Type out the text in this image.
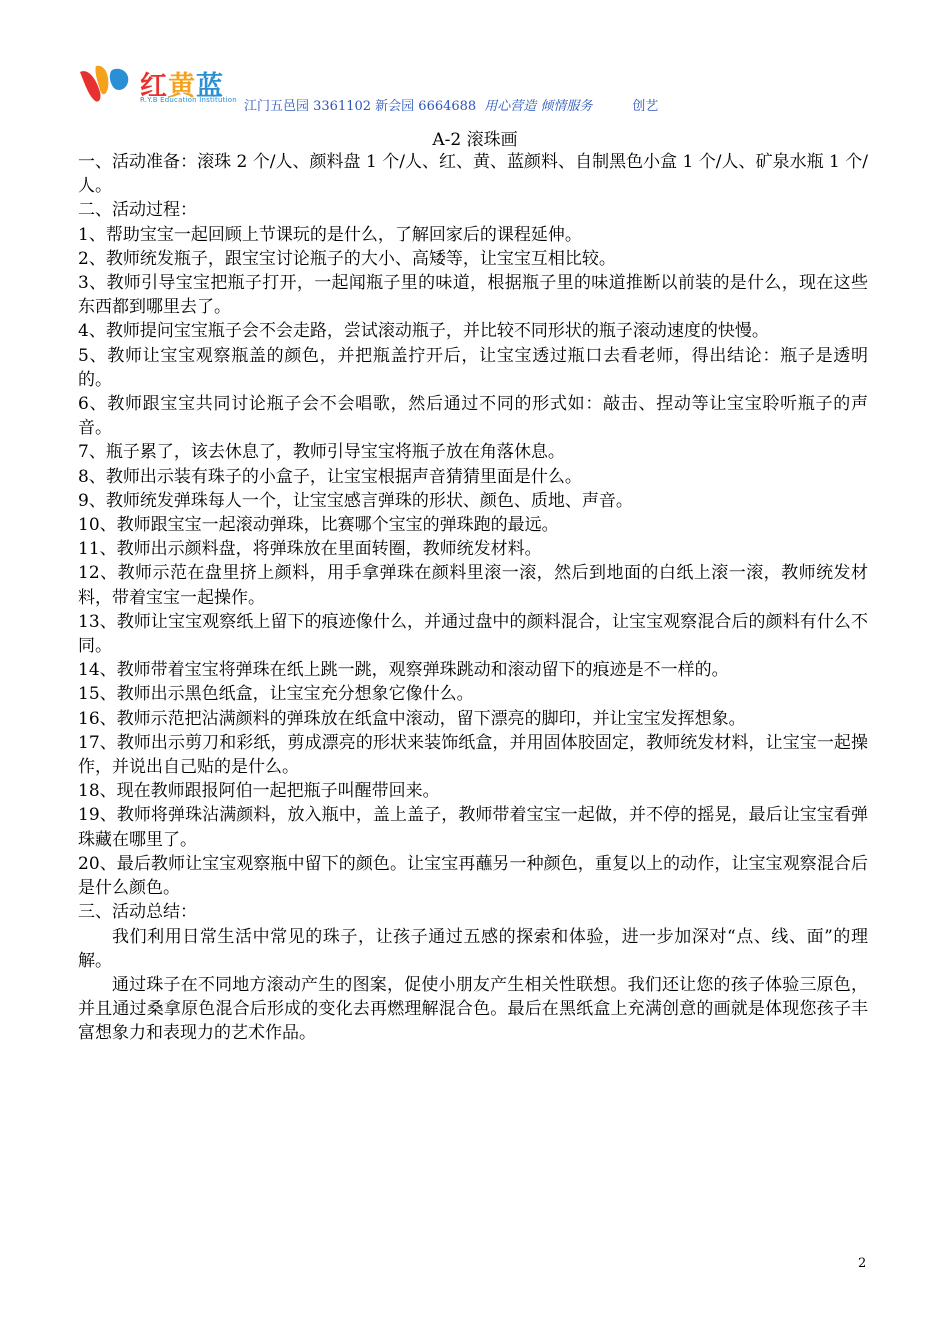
红黄蓝
R.Y.B Education Institution 江门五邑园 3361102 新会园 6664688 用心营造 倾情服务	创艺
A-2 滚珠画

一、活动准备：滚珠 2 个/人、颜料盘 1 个/人、红、黄、蓝颜料、自制黑色小盒 1 个/人、矿泉水瓶 1 个/人。

二、活动过程：

1、帮助宝宝一起回顾上节课玩的是什么，了解回家后的课程延伸。

2、教师统发瓶子，跟宝宝讨论瓶子的大小、高矮等，让宝宝互相比较。

3、教师引导宝宝把瓶子打开，一起闻瓶子里的味道，根据瓶子里的味道推断以前装的是什么，现在这些东西都到哪里去了。

4、教师提问宝宝瓶子会不会走路，尝试滚动瓶子，并比较不同形状的瓶子滚动速度的快慢。

5、教师让宝宝观察瓶盖的颜色，并把瓶盖拧开后，让宝宝透过瓶口去看老师，得出结论：瓶子是透明的。

6、教师跟宝宝共同讨论瓶子会不会唱歌，然后通过不同的形式如：敲击、捏动等让宝宝聆听瓶子的声音。

7、瓶子累了，该去休息了，教师引导宝宝将瓶子放在角落休息。

8、教师出示装有珠子的小盒子，让宝宝根据声音猜猜里面是什么。

9、教师统发弹珠每人一个，让宝宝感言弹珠的形状、颜色、质地、声音。

10、教师跟宝宝一起滚动弹珠，比赛哪个宝宝的弹珠跑的最远。

11、教师出示颜料盘，将弹珠放在里面转圈，教师统发材料。

12、教师示范在盘里挤上颜料，用手拿弹珠在颜料里滚一滚，然后到地面的白纸上滚一滚，教师统发材料，带着宝宝一起操作。

13、教师让宝宝观察纸上留下的痕迹像什么，并通过盘中的颜料混合，让宝宝观察混合后的颜料有什么不同。

14、教师带着宝宝将弹珠在纸上跳一跳，观察弹珠跳动和滚动留下的痕迹是不一样的。

15、教师出示黑色纸盒，让宝宝充分想象它像什么。

16、教师示范把沾满颜料的弹珠放在纸盒中滚动，留下漂亮的脚印，并让宝宝发挥想象。

17、教师出示剪刀和彩纸，剪成漂亮的形状来装饰纸盒，并用固体胶固定，教师统发材料，让宝宝一起操作，并说出自己贴的是什么。

18、现在教师跟报阿伯一起把瓶子叫醒带回来。

19、教师将弹珠沾满颜料，放入瓶中，盖上盖子，教师带着宝宝一起做，并不停的摇晃，最后让宝宝看弹珠藏在哪里了。

20、最后教师让宝宝观察瓶中留下的颜色。让宝宝再蘸另一种颜色，重复以上的动作，让宝宝观察混合后是什么颜色。

三、活动总结：

我们利用日常生活中常见的珠子，让孩子通过五感的探索和体验，进一步加深对“点、线、面”的理解。

通过珠子在不同地方滚动产生的图案，促使小朋友产生相关性联想。我们还让您的孩子体验三原色，并且通过桑拿原色混合后形成的变化去再燃理解混合色。最后在黑纸盒上充满创意的画就是体现您孩子丰富想象力和表现力的艺术作品。

2
